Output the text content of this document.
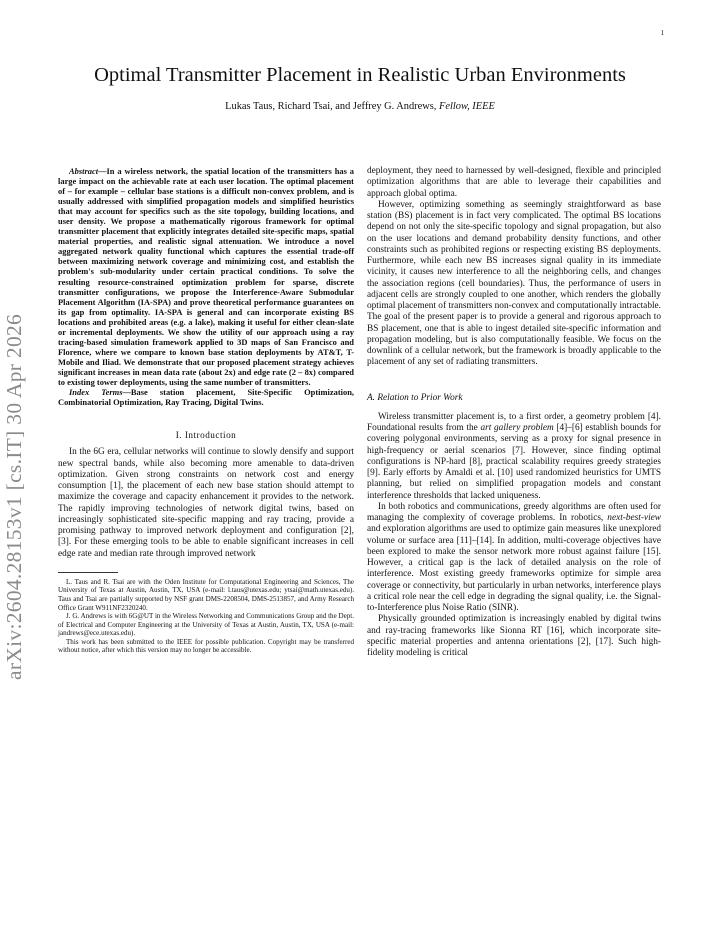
1
arXiv:2604.28153v1 [cs.IT] 30 Apr 2026
Optimal Transmitter Placement in Realistic Urban Environments
Lukas Taus, Richard Tsai, and Jeffrey G. Andrews, Fellow, IEEE

Abstract—In a wireless network, the spatial location of the transmitters has a large impact on the achievable rate at each user location. The optimal placement of – for example – cellular base stations is a difficult non-convex problem, and is usually addressed with simplified propagation models and simplified heuristics that may account for specifics such as the site topology, building locations, and user density. We propose a mathematically rigorous framework for optimal transmitter placement that explicitly integrates detailed site-specific maps, spatial material properties, and realistic signal attenuation. We introduce a novel aggregated network quality functional which captures the essential trade-off between maximizing network coverage and minimizing cost, and establish the problem's sub-modularity under certain practical conditions. To solve the resulting resource-constrained optimization problem for sparse, discrete transmitter configurations, we propose the Interference-Aware Submodular Placement Algorithm (IA-SPA) and prove theoretical performance guarantees on its gap from optimality. IA-SPA is general and can incorporate existing BS locations and prohibited areas (e.g. a lake), making it useful for either clean-slate or incremental deployments. We show the utility of our approach using a ray tracing-based simulation framework applied to 3D maps of San Francisco and Florence, where we compare to known base station deployments by AT&T, T-Mobile and Iliad. We demonstrate that our proposed placement strategy achieves significant increases in mean data rate (about 2x) and edge rate (2 – 8x) compared to existing tower deployments, using the same number of transmitters.

Index Terms—Base station placement, Site-Specific Optimization, Combinatorial Optimization, Ray Tracing, Digital Twins.

I. Introduction

In the 6G era, cellular networks will continue to slowly densify and support new spectral bands, while also becoming more amenable to data-driven optimization. Given strong constraints on network cost and energy consumption [1], the placement of each new base station should attempt to maximize the coverage and capacity enhancement it provides to the network. The rapidly improving technologies of network digital twins, based on increasingly sophisticated site-specific mapping and ray tracing, provide a promising pathway to improved network deployment and configuration [2], [3]. For these emerging tools to be able to enable significant increases in cell edge rate and median rate through improved network

L. Taus and R. Tsai are with the Oden Institute for Computational Engineering and Sciences, The University of Texas at Austin, Austin, TX, USA (e-mail: l.taus@utexas.edu; ytsai@math.utexas.edu). Taus and Tsai are partially supported by NSF grant DMS-2208504, DMS-2513857, and Army Research Office Grant W911NF2320240.

J. G. Andrews is with 6G@UT in the Wireless Networking and Communications Group and the Dept. of Electrical and Computer Engineering at the University of Texas at Austin, Austin, TX, USA (e-mail: jandrews@ece.utexas.edu).

This work has been submitted to the IEEE for possible publication. Copyright may be transferred without notice, after which this version may no longer be accessible.

deployment, they need to harnessed by well-designed, flexible and principled optimization algorithms that are able to leverage their capabilities and approach global optima.

However, optimizing something as seemingly straightforward as base station (BS) placement is in fact very complicated. The optimal BS locations depend on not only the site-specific topology and signal propagation, but also on the user locations and demand probability density functions, and other constraints such as prohibited regions or respecting existing BS deployments. Furthermore, while each new BS increases signal quality in its immediate vicinity, it causes new interference to all the neighboring cells, and changes the association regions (cell boundaries). Thus, the performance of users in adjacent cells are strongly coupled to one another, which renders the globally optimal placement of transmitters non-convex and computationally intractable. The goal of the present paper is to provide a general and rigorous approach to BS placement, one that is able to ingest detailed site-specific information and propagation modeling, but is also computationally feasible. We focus on the downlink of a cellular network, but the framework is broadly applicable to the placement of any set of radiating transmitters.

A. Relation to Prior Work

Wireless transmitter placement is, to a first order, a geometry problem [4]. Foundational results from the art gallery problem [4]–[6] establish bounds for covering polygonal environments, serving as a proxy for signal presence in high-frequency or aerial scenarios [7]. However, since finding optimal configurations is NP-hard [8], practical scalability requires greedy strategies [9]. Early efforts by Amaldi et al. [10] used randomized heuristics for UMTS planning, but relied on simplified propagation models and constant interference thresholds that lacked uniqueness.

In both robotics and communications, greedy algorithms are often used for managing the complexity of coverage problems. In robotics, next-best-view and exploration algorithms are used to optimize gain measures like unexplored volume or surface area [11]–[14]. In addition, multi-coverage objectives have been explored to make the sensor network more robust against failure [15]. However, a critical gap is the lack of detailed analysis on the role of interference. Most existing greedy frameworks optimize for simple area coverage or connectivity, but particularly in urban networks, interference plays a critical role near the cell edge in degrading the signal quality, i.e. the Signal-to-Interference plus Noise Ratio (SINR).

Physically grounded optimization is increasingly enabled by digital twins and ray-tracing frameworks like Sionna RT [16], which incorporate site-specific material properties and antenna orientations [2], [17]. Such high-fidelity modeling is critical
